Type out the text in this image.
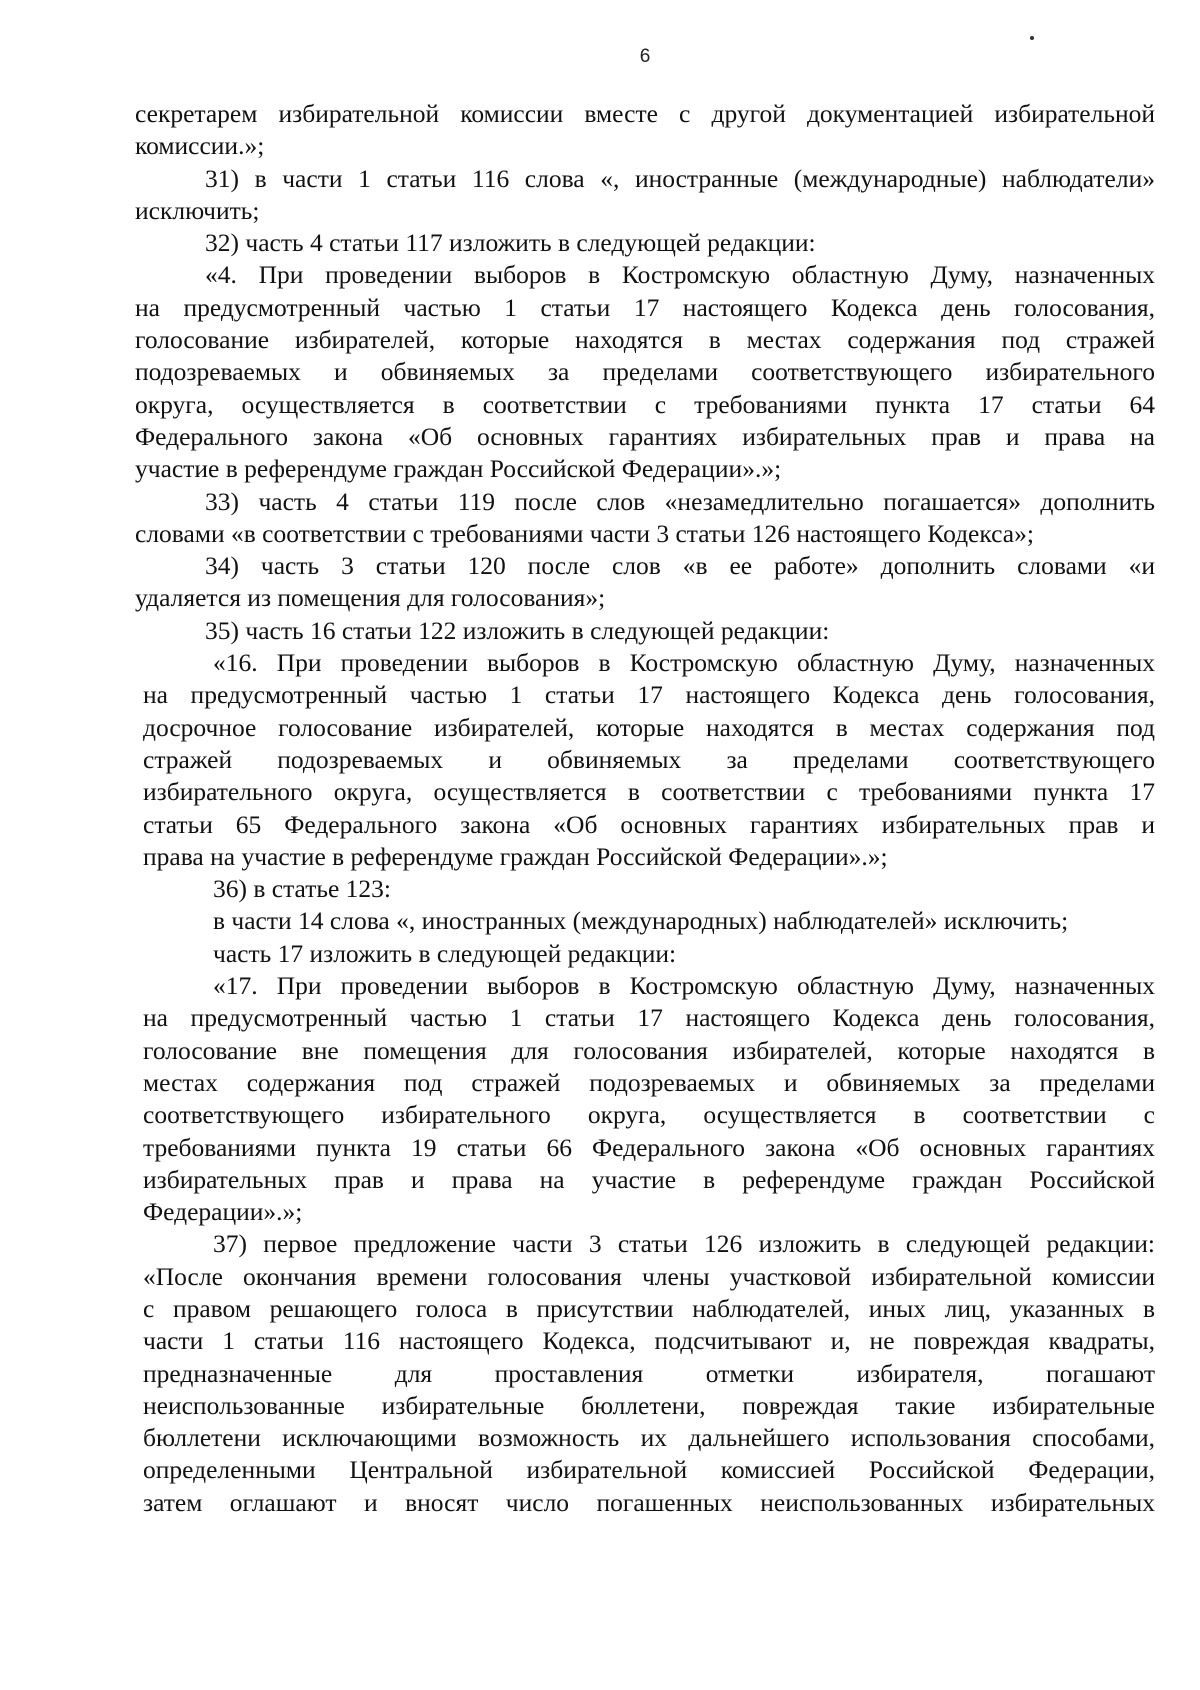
6
секретарем избирательной комиссии вместе с другой документацией избирательной
комиссии.»;
31) в части 1 статьи 116 слова «, иностранные (международные) наблюдатели»
исключить;
32) часть 4 статьи 117 изложить в следующей редакции:
«4. При проведении выборов в Костромскую областную Думу, назначенных
на предусмотренный частью 1 статьи 17 настоящего Кодекса день голосования,
голосование избирателей, которые находятся в местах содержания под стражей
подозреваемых и обвиняемых за пределами соответствующего избирательного
округа, осуществляется в соответствии с требованиями пункта 17 статьи 64
Федерального закона «Об основных гарантиях избирательных прав и права на
участие в референдуме граждан Российской Федерации».»;
33) часть 4 статьи 119 после слов «незамедлительно погашается» дополнить
словами «в соответствии с требованиями части 3 статьи 126 настоящего Кодекса»;
34) часть 3 статьи 120 после слов «в ее работе» дополнить словами «и
удаляется из помещения для голосования»;
35) часть 16 статьи 122 изложить в следующей редакции:
«16. При проведении выборов в Костромскую областную Думу, назначенных
на предусмотренный частью 1 статьи 17 настоящего Кодекса день голосования,
досрочное голосование избирателей, которые находятся в местах содержания под
стражей подозреваемых и обвиняемых за пределами соответствующего
избирательного округа, осуществляется в соответствии с требованиями пункта 17
статьи 65 Федерального закона «Об основных гарантиях избирательных прав и
права на участие в референдуме граждан Российской Федерации».»;
36) в статье 123:
в части 14 слова «, иностранных (международных) наблюдателей» исключить;
часть 17 изложить в следующей редакции:
«17. При проведении выборов в Костромскую областную Думу, назначенных
на предусмотренный частью 1 статьи 17 настоящего Кодекса день голосования,
голосование вне помещения для голосования избирателей, которые находятся в
местах содержания под стражей подозреваемых и обвиняемых за пределами
соответствующего избирательного округа, осуществляется в соответствии с
требованиями пункта 19 статьи 66 Федерального закона «Об основных гарантиях
избирательных прав и права на участие в референдуме граждан Российской
Федерации».»;
37) первое предложение части 3 статьи 126 изложить в следующей редакции:
«После окончания времени голосования члены участковой избирательной комиссии
с правом решающего голоса в присутствии наблюдателей, иных лиц, указанных в
части 1 статьи 116 настоящего Кодекса, подсчитывают и, не повреждая квадраты,
предназначенные для проставления отметки избирателя, погашают
неиспользованные избирательные бюллетени, повреждая такие избирательные
бюллетени исключающими возможность их дальнейшего использования способами,
определенными Центральной избирательной комиссией Российской Федерации,
затем оглашают и вносят число погашенных неиспользованных избирательных
